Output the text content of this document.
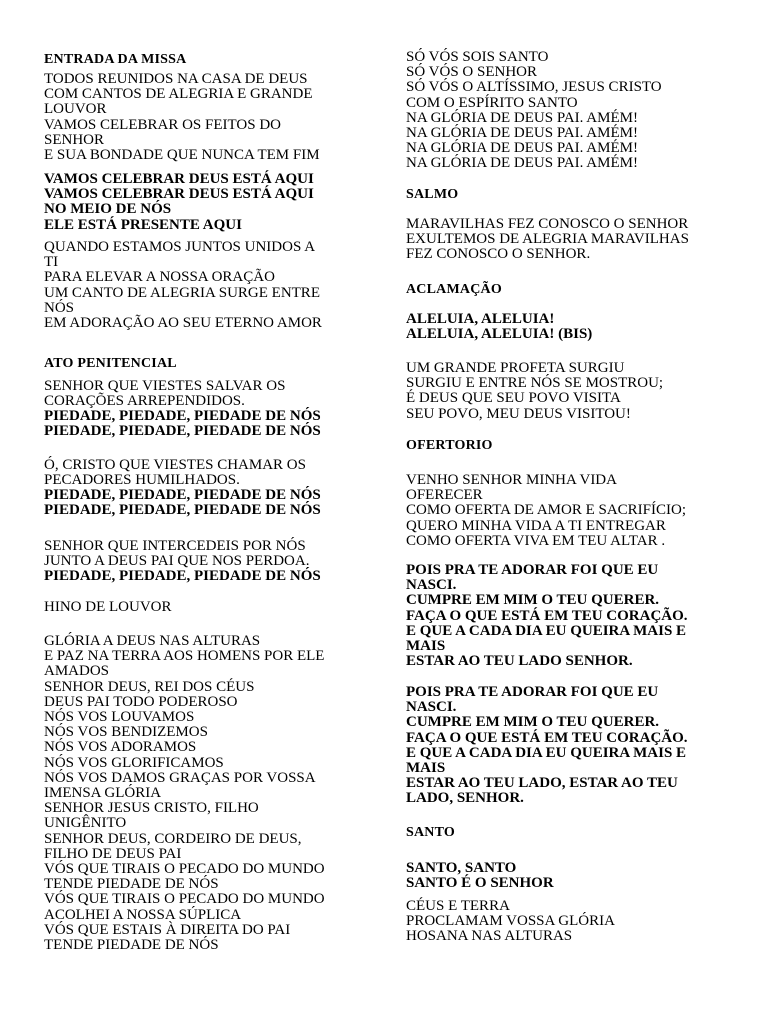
ENTRADA DA MISSA
TODOS REUNIDOS NA CASA DE DEUS
COM CANTOS DE ALEGRIA E GRANDE
LOUVOR
VAMOS CELEBRAR OS FEITOS DO
SENHOR
E SUA BONDADE QUE NUNCA TEM FIM
VAMOS CELEBRAR DEUS ESTÁ AQUI
VAMOS CELEBRAR DEUS ESTÁ AQUI
NO MEIO DE NÓS
ELE ESTÁ PRESENTE AQUI
QUANDO ESTAMOS JUNTOS UNIDOS A
TI
PARA ELEVAR A NOSSA ORAÇÃO
UM CANTO DE ALEGRIA SURGE ENTRE
NÓS
EM ADORAÇÃO AO SEU ETERNO AMOR
ATO PENITENCIAL
SENHOR QUE VIESTES SALVAR OS
CORAÇÕES ARREPENDIDOS.
PIEDADE, PIEDADE, PIEDADE DE NÓS
PIEDADE, PIEDADE, PIEDADE DE NÓS
Ó, CRISTO QUE VIESTES CHAMAR OS
PECADORES HUMILHADOS.
PIEDADE, PIEDADE, PIEDADE DE NÓS
PIEDADE, PIEDADE, PIEDADE DE NÓS
SENHOR QUE INTERCEDEIS POR NÓS
JUNTO A DEUS PAI QUE NOS PERDOA.
PIEDADE, PIEDADE, PIEDADE DE NÓS
HINO DE LOUVOR
GLÓRIA A DEUS NAS ALTURAS
E PAZ NA TERRA AOS HOMENS POR ELE
AMADOS
SENHOR DEUS, REI DOS CÉUS
DEUS PAI TODO PODEROSO
NÓS VOS LOUVAMOS
NÓS VOS BENDIZEMOS
NÓS VOS ADORAMOS
NÓS VOS GLORIFICAMOS
NÓS VOS DAMOS GRAÇAS POR VOSSA
IMENSA GLÓRIA
SENHOR JESUS CRISTO, FILHO
UNIGÊNITO
SENHOR DEUS, CORDEIRO DE DEUS,
FILHO DE DEUS PAI
VÓS QUE TIRAIS O PECADO DO MUNDO
TENDE PIEDADE DE NÓS
VÓS QUE TIRAIS O PECADO DO MUNDO
ACOLHEI A NOSSA SÚPLICA
VÓS QUE ESTAIS À DIREITA DO PAI
TENDE PIEDADE DE NÓS
SÓ VÓS SOIS SANTO
SÓ VÓS O SENHOR
SÓ VÓS O ALTÍSSIMO, JESUS CRISTO
COM O ESPÍRITO SANTO
NA GLÓRIA DE DEUS PAI. AMÉM!
NA GLÓRIA DE DEUS PAI. AMÉM!
NA GLÓRIA DE DEUS PAI. AMÉM!
NA GLÓRIA DE DEUS PAI. AMÉM!
SALMO
MARAVILHAS FEZ CONOSCO O SENHOR
EXULTEMOS DE ALEGRIA MARAVILHAS
FEZ CONOSCO O SENHOR.
ACLAMAÇÃO
ALELUIA, ALELUIA!
ALELUIA, ALELUIA! (BIS)
UM GRANDE PROFETA SURGIU
SURGIU E ENTRE NÓS SE MOSTROU;
É DEUS QUE SEU POVO VISITA
SEU POVO, MEU DEUS VISITOU!
OFERTORIO
VENHO SENHOR MINHA VIDA
OFERECER
COMO OFERTA DE AMOR E SACRIFÍCIO;
QUERO MINHA VIDA A TI ENTREGAR
COMO OFERTA VIVA EM TEU ALTAR .
POIS PRA TE ADORAR FOI QUE EU
NASCI.
CUMPRE EM MIM O TEU QUERER.
FAÇA O QUE ESTÁ EM TEU CORAÇÃO.
E QUE A CADA DIA EU QUEIRA MAIS E
MAIS
ESTAR AO TEU LADO SENHOR.
POIS PRA TE ADORAR FOI QUE EU
NASCI.
CUMPRE EM MIM O TEU QUERER.
FAÇA O QUE ESTÁ EM TEU CORAÇÃO.
E QUE A CADA DIA EU QUEIRA MAIS E
MAIS
ESTAR AO TEU LADO, ESTAR AO TEU
LADO, SENHOR.
SANTO
SANTO, SANTO
SANTO É O SENHOR
CÉUS E TERRA
PROCLAMAM VOSSA GLÓRIA
HOSANA NAS ALTURAS
